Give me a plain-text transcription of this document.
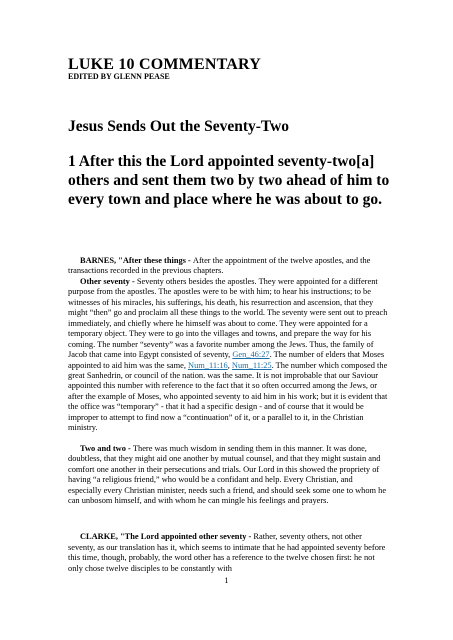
LUKE 10 COMMENTARY
EDITED BY GLENN PEASE
Jesus Sends Out the Seventy-Two
1 After this the Lord appointed seventy-two[a] others and sent them two by two ahead of him to every town and place where he was about to go.

BARNES, "After these things - After the appointment of the twelve apostles, and the transactions recorded in the previous chapters.

Other seventy - Seventy others besides the apostles. They were appointed for a different purpose from the apostles. The apostles were to be with him; to hear his instructions; to be witnesses of his miracles, his sufferings, his death, his resurrection and ascension, that they might “then” go and proclaim all these things to the world. The seventy were sent out to preach immediately, and chiefly where he himself was about to come. They were appointed for a temporary object. They were to go into the villages and towns, and prepare the way for his coming. The number “seventy” was a favorite number among the Jews. Thus, the family of Jacob that came into Egypt consisted of seventy, Gen_46:27. The number of elders that Moses appointed to aid him was the same, Num_11:16, Num_11:25. The number which composed the great Sanhedrin, or council of the nation. was the same. It is not improbable that our Saviour appointed this number with reference to the fact that it so often occurred among the Jews, or after the example of Moses, who appointed seventy to aid him in his work; but it is evident that the office was “temporary” - that it had a specific design - and of course that it would be improper to attempt to find now a “continuation” of it, or a parallel to it, in the Christian ministry.

Two and two - There was much wisdom in sending them in this manner. It was done, doubtless, that they might aid one another by mutual counsel, and that they might sustain and comfort one another in their persecutions and trials. Our Lord in this showed the propriety of having “a religious friend,” who would be a confidant and help. Every Christian, and especially every Christian minister, needs such a friend, and should seek some one to whom he can unbosom himself, and with whom he can mingle his feelings and prayers.

CLARKE, "The Lord appointed other seventy - Rather, seventy others, not other seventy, as our translation has it, which seems to intimate that he had appointed seventy before this time, though, probably, the word other has a reference to the twelve chosen first: he not only chose twelve disciples to be constantly with

1
